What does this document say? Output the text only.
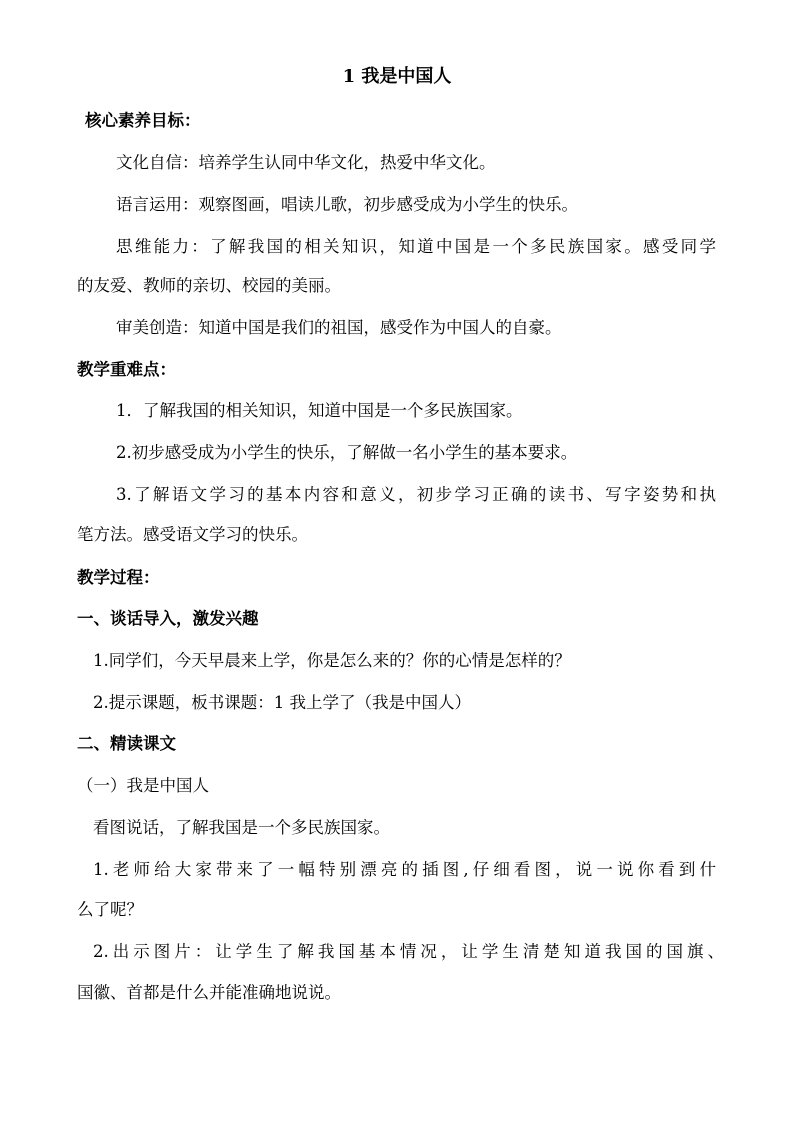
1 我是中国人
核心素养目标：
文化自信：培养学生认同中华文化，热爱中华文化。
语言运用：观察图画，唱读儿歌，初步感受成为小学生的快乐。
思维能力：了解我国的相关知识，知道中国是一个多民族国家。感受同学
的友爱、教师的亲切、校园的美丽。
审美创造：知道中国是我们的祖国，感受作为中国人的自豪。
教学重难点：
1．了解我国的相关知识，知道中国是一个多民族国家。
2.初步感受成为小学生的快乐，了解做一名小学生的基本要求。
3.了解语文学习的基本内容和意义，初步学习正确的读书、写字姿势和执
笔方法。感受语文学习的快乐。
教学过程：
一、谈话导入，激发兴趣
1.同学们，今天早晨来上学，你是怎么来的？你的心情是怎样的？
2.提示课题，板书课题：1 我上学了（我是中国人）
二、精读课文
（一）我是中国人
看图说话，了解我国是一个多民族国家。
1.老师给大家带来了一幅特别漂亮的插图,仔细看图，说一说你看到什
么了呢？
2.出示图片：让学生了解我国基本情况，让学生清楚知道我国的国旗、
国徽、首都是什么并能准确地说说。
